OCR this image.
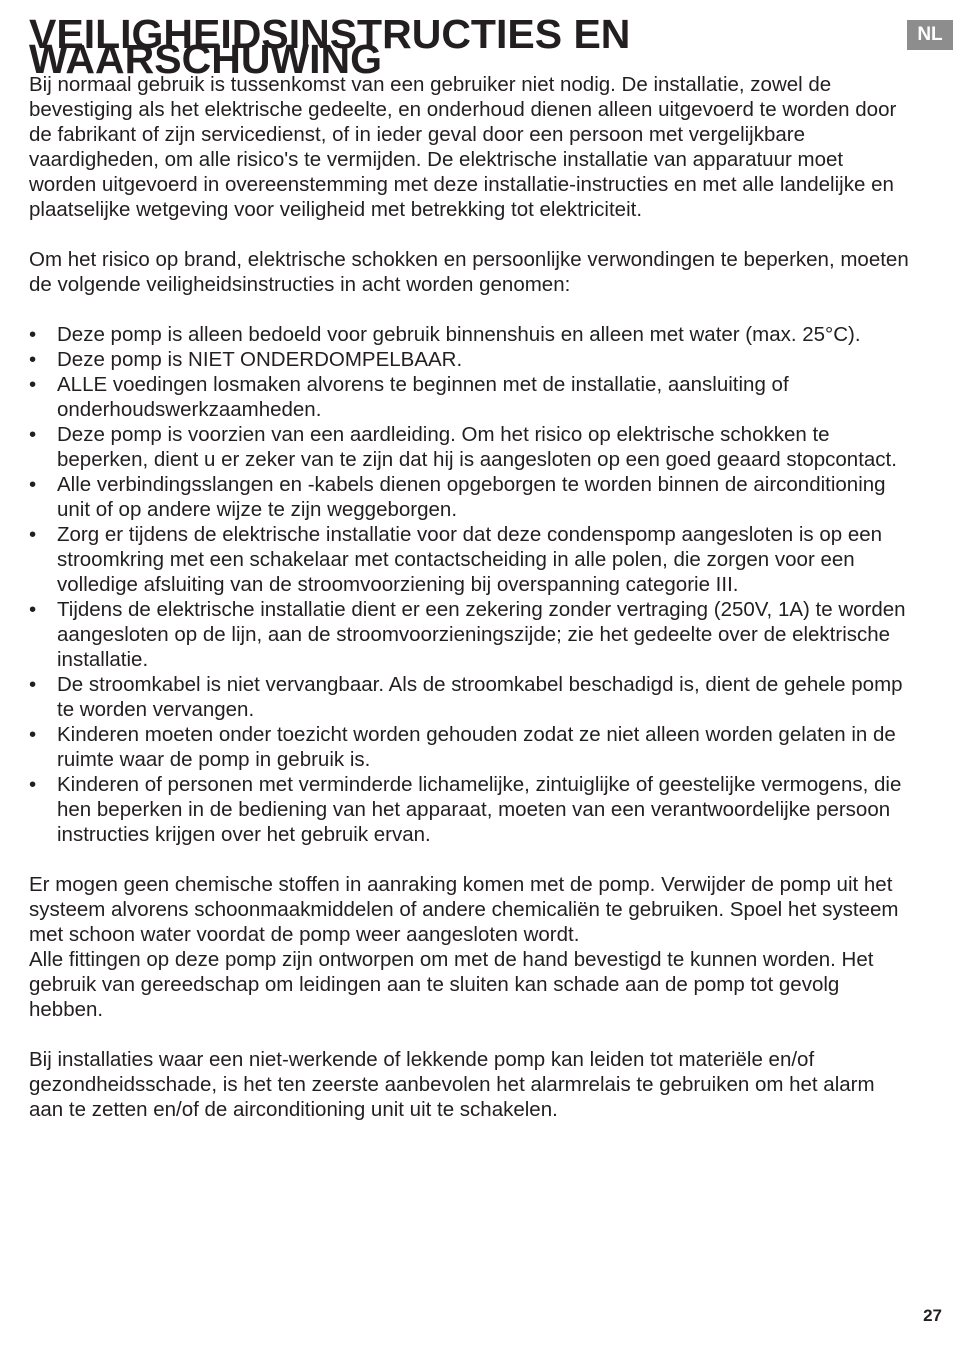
NL
VEILIGHEIDSINSTRUCTIES EN WAARSCHUWING

Bij normaal gebruik is tussenkomst van een gebruiker niet nodig. De installatie, zowel de bevestiging als het elektrische gedeelte, en onderhoud dienen alleen uitgevoerd te worden door de fabrikant of zijn servicedienst, of in ieder geval door een persoon met vergelijkbare vaardigheden, om alle risico's te vermijden. De elektrische installatie van apparatuur moet worden uitgevoerd in overeenstemming met deze installatie-instructies en met alle landelijke en plaatselijke wetgeving voor veiligheid met betrekking tot elektriciteit.

Om het risico op brand, elektrische schokken en persoonlijke verwondingen te beperken, moeten de volgende veiligheidsinstructies in acht worden genomen:

• Deze pomp is alleen bedoeld voor gebruik binnenshuis en alleen met water (max. 25°C).
• Deze pomp is NIET ONDERDOMPELBAAR.
• ALLE voedingen losmaken alvorens te beginnen met de installatie, aansluiting of onderhoudswerkzaamheden.
• Deze pomp is voorzien van een aardleiding. Om het risico op elektrische schokken te beperken, dient u er zeker van te zijn dat hij is aangesloten op een goed geaard stopcontact.
• Alle verbindingsslangen en -kabels dienen opgeborgen te worden binnen de airconditioning unit of op andere wijze te zijn weggeborgen.
• Zorg er tijdens de elektrische installatie voor dat deze condenspomp aangesloten is op een stroomkring met een schakelaar met contactscheiding in alle polen, die zorgen voor een volledige afsluiting van de stroomvoorziening bij overspanning categorie III.
• Tijdens de elektrische installatie dient er een zekering zonder vertraging (250V, 1A) te worden aangesloten op de lijn, aan de stroomvoorzieningszijde; zie het gedeelte over de elektrische installatie.
• De stroomkabel is niet vervangbaar. Als de stroomkabel beschadigd is, dient de gehele pomp te worden vervangen.
• Kinderen moeten onder toezicht worden gehouden zodat ze niet alleen worden gelaten in de ruimte waar de pomp in gebruik is.
• Kinderen of personen met verminderde lichamelijke, zintuiglijke of geestelijke vermogens, die hen beperken in de bediening van het apparaat, moeten van een verantwoordelijke persoon instructies krijgen over het gebruik ervan.

Er mogen geen chemische stoffen in aanraking komen met de pomp. Verwijder de pomp uit het systeem alvorens schoonmaakmiddelen of andere chemicaliën te gebruiken. Spoel het systeem met schoon water voordat de pomp weer aangesloten wordt.

Alle fittingen op deze pomp zijn ontworpen om met de hand bevestigd te kunnen worden. Het gebruik van gereedschap om leidingen aan te sluiten kan schade aan de pomp tot gevolg hebben.

Bij installaties waar een niet-werkende of lekkende pomp kan leiden tot materiële en/of gezondheidsschade, is het ten zeerste aanbevolen het alarmrelais te gebruiken om het alarm aan te zetten en/of de airconditioning unit uit te schakelen.

27
